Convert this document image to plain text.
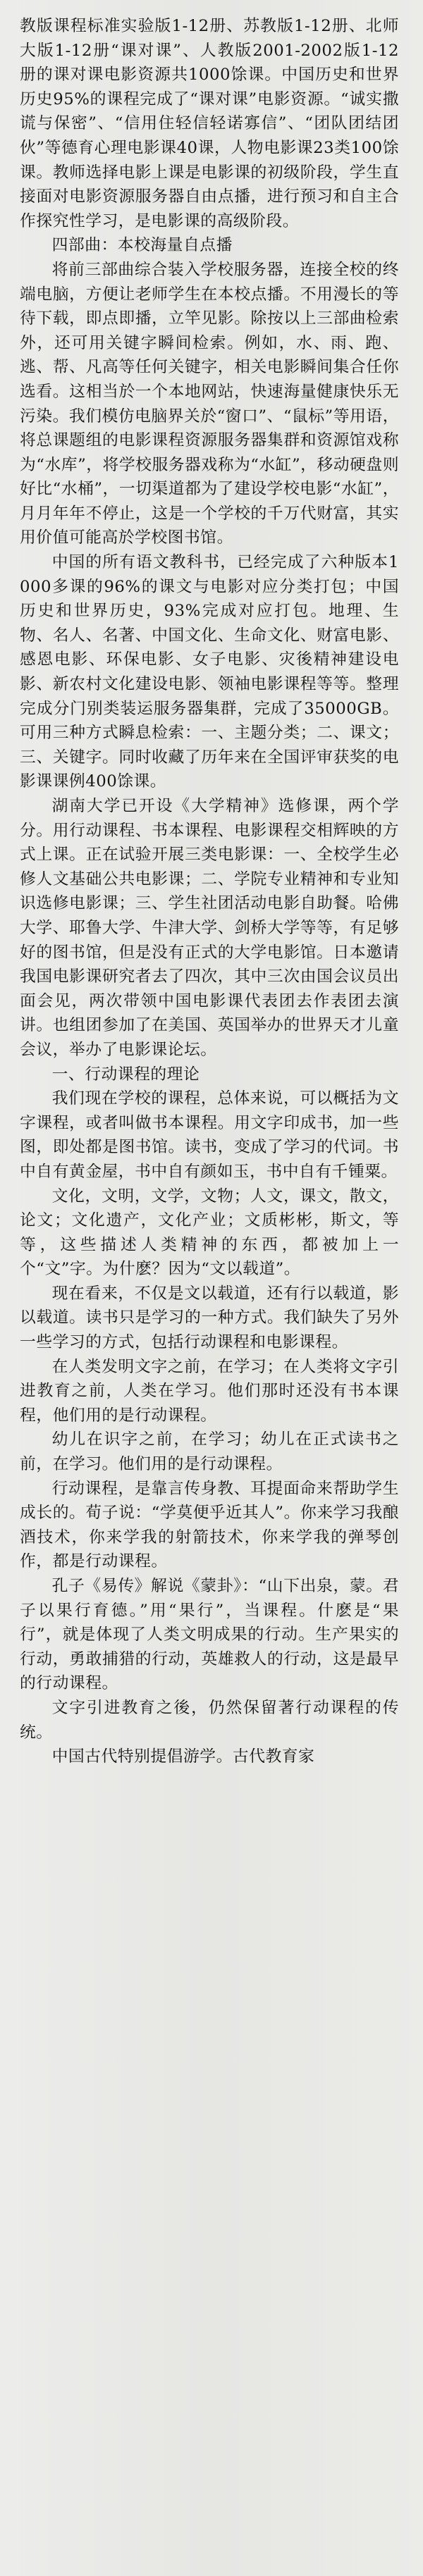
教版课程标准实验版1-12册、苏教版1-12册、北师大版1-12册“课对课”、人教版2001-2002版1-12册的课对课电影资源共1000馀课。中国历史和世界历史95%的课程完成了“课对课”电影资源。“诚实撒谎与保密”、“信用住轻信轻诺寡信”、“团队团结团伙”等德育心理电影课40课，人物电影课23类100馀课。教师选择电影上课是电影课的初级阶段，学生直接面对电影资源服务器自由点播，进行预习和自主合作探究性学习，是电影课的高级阶段。

四部曲：本校海量自点播

将前三部曲综合装入学校服务器，连接全校的终端电脑，方便让老师学生在本校点播。不用漫长的等待下载，即点即播，立竿见影。除按以上三部曲检索外，还可用关键字瞬间检索。例如，水、雨、跑、逃、帮、凡高等任何关键字，相关电影瞬间集合任你选看。这相当於一个本地网站，快速海量健康快乐无污染。我们模仿电脑界关於“窗口”、“鼠标”等用语，将总课题组的电影课程资源服务器集群和资源馆戏称为“水库”，将学校服务器戏称为“水缸”，移动硬盘则好比“水桶”，一切渠道都为了建设学校电影“水缸”，月月年年不停止，这是一个学校的千万代财富，其实用价值可能高於学校图书馆。

中国的所有语文教科书，已经完成了六种版本1000多课的96%的课文与电影对应分类打包；中国历史和世界历史，93%完成对应打包。地理、生物、名人、名著、中国文化、生命文化、财富电影、感恩电影、环保电影、女子电影、灾後精神建设电影、新农村文化建设电影、领袖电影课程等等。整理完成分门别类装运服务器集群，完成了35000GB。可用三种方式瞬息检索：一、主题分类；二、课文；三、关键字。同时收藏了历年来在全国评审获奖的电影课课例400馀课。

湖南大学已开设《大学精神》选修课，两个学分。用行动课程、书本课程、电影课程交相辉映的方式上课。正在试验开展三类电影课：一、全校学生必修人文基础公共电影课；二、学院专业精神和专业知识选修电影课；三、学生社团活动电影自助餐。哈佛大学、耶鲁大学、牛津大学、剑桥大学等等，有足够好的图书馆，但是没有正式的大学电影馆。日本邀请我国电影课研究者去了四次，其中三次由国会议员出面会见，两次带领中国电影课代表团去作表团去演讲。也组团参加了在美国、英国举办的世界天才儿童会议，举办了电影课论坛。

一、行动课程的理论

我们现在学校的课程，总体来说，可以概括为文字课程，或者叫做书本课程。用文字印成书，加一些图，即处都是图书馆。读书，变成了学习的代词。书中自有黄金屋，书中自有颜如玉，书中自有千锺粟。

文化，文明，文学，文物；人文，课文，散文，论文；文化遗产，文化产业；文质彬彬，斯文，等等，这些描述人类精神的东西，都被加上一个“文”字。为什麽？因为“文以载道”。

现在看来，不仅是文以载道，还有行以载道，影以载道。读书只是学习的一种方式。我们缺失了另外一些学习的方式，包括行动课程和电影课程。

在人类发明文字之前，在学习；在人类将文字引进教育之前，人类在学习。他们那时还没有书本课程，他们用的是行动课程。

幼儿在识字之前，在学习；幼儿在正式读书之前，在学习。他们用的是行动课程。

行动课程，是靠言传身教、耳提面命来帮助学生成长的。荀子说：“学莫便乎近其人”。你来学习我酿酒技术，你来学我的射箭技术，你来学我的弹琴创作，都是行动课程。

孔子《易传》解说《蒙卦》：“山下出泉，蒙。君子以果行育德。”用“果行”，当课程。什麽是“果行”，就是体现了人类文明成果的行动。生产果实的行动，勇敢捕猎的行动，英雄救人的行动，这是最早的行动课程。

文字引进教育之後，仍然保留著行动课程的传统。

中国古代特别提倡游学。古代教育家
